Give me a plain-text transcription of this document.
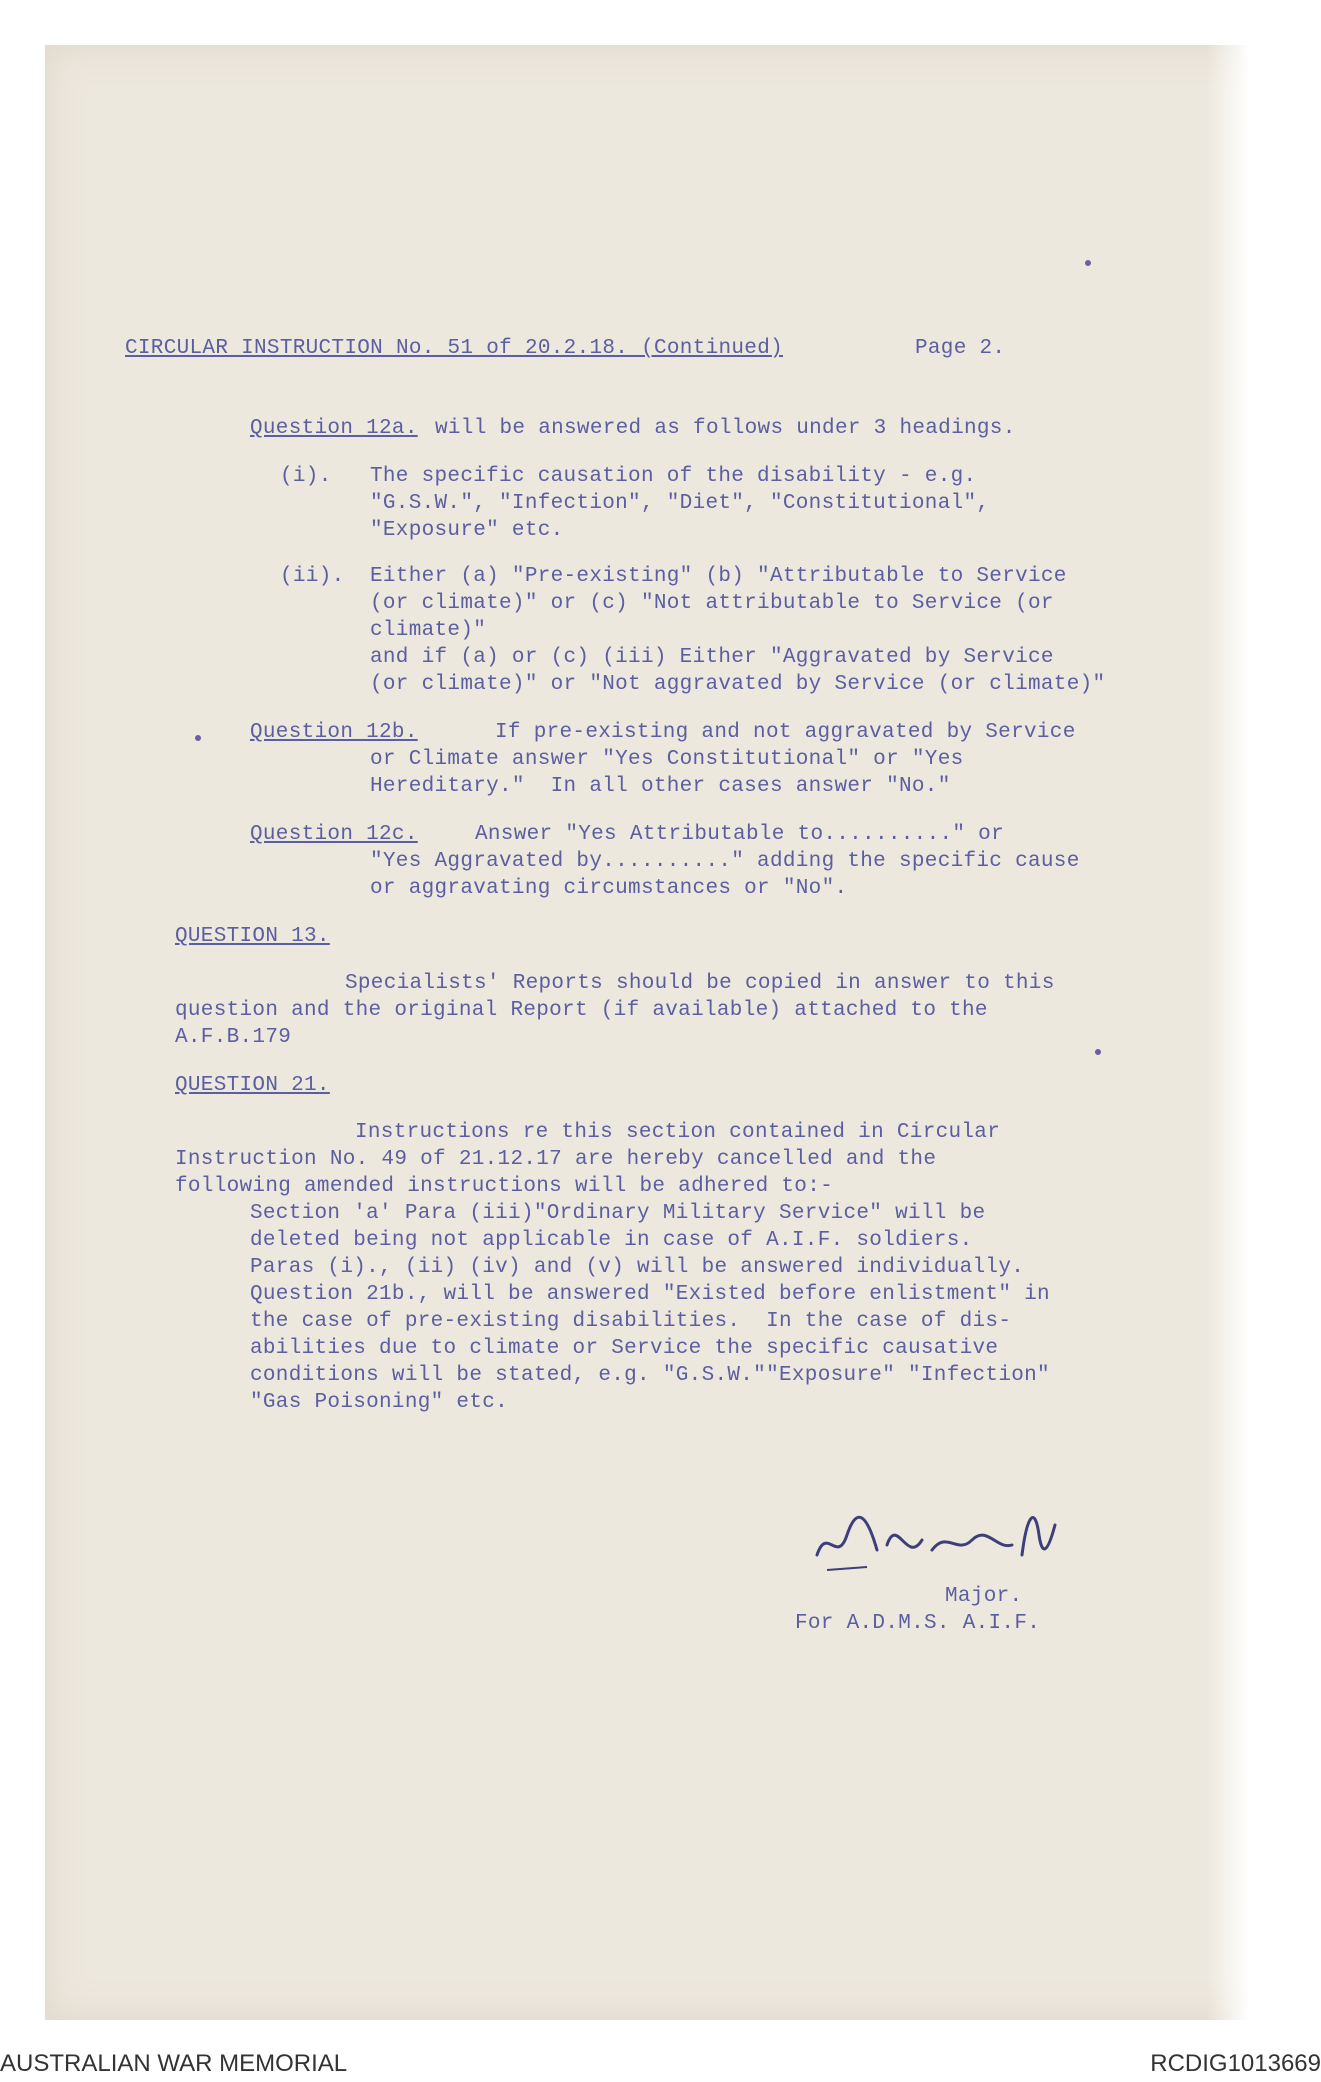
CIRCULAR INSTRUCTION No. 51 of 20.2.18. (Continued)	Page 2.
Question 12a. will be answered as follows under 3 headings.
(i). The specific causation of the disability - e.g.
"G.S.W.", "Infection", "Diet", "Constitutional",
"Exposure" etc.
(ii). Either (a) "Pre-existing" (b) "Attributable to Service
(or climate)" or (c) "Not attributable to Service (or
climate)"
and if (a) or (c) (iii) Either "Aggravated by Service
(or climate)" or "Not aggravated by Service (or climate)"
Question 12b.	If pre-existing and not aggravated by Service
or Climate answer "Yes Constitutional" or "Yes
Hereditary."  In all other cases answer "No."
Question 12c.	Answer "Yes Attributable to.........." or
"Yes Aggravated by.........." adding the specific cause
or aggravating circumstances or "No".
QUESTION 13.
Specialists' Reports should be copied in answer to this
question and the original Report (if available) attached to the
A.F.B.179
QUESTION 21.
Instructions re this section contained in Circular
Instruction No. 49 of 21.12.17 are hereby cancelled and the
following amended instructions will be adhered to:-
Section 'a' Para (iii)"Ordinary Military Service" will be
deleted being not applicable in case of A.I.F. soldiers.
Paras (i)., (ii) (iv) and (v) will be answered individually.
Question 21b., will be answered "Existed before enlistment" in
the case of pre-existing disabilities.  In the case of dis-
abilities due to climate or Service the specific causative
conditions will be stated, e.g. "G.S.W.""Exposure" "Infection"
"Gas Poisoning" etc.
Major.
For A.D.M.S. A.I.F.
AUSTRALIAN WAR MEMORIAL	RCDIG1013669
